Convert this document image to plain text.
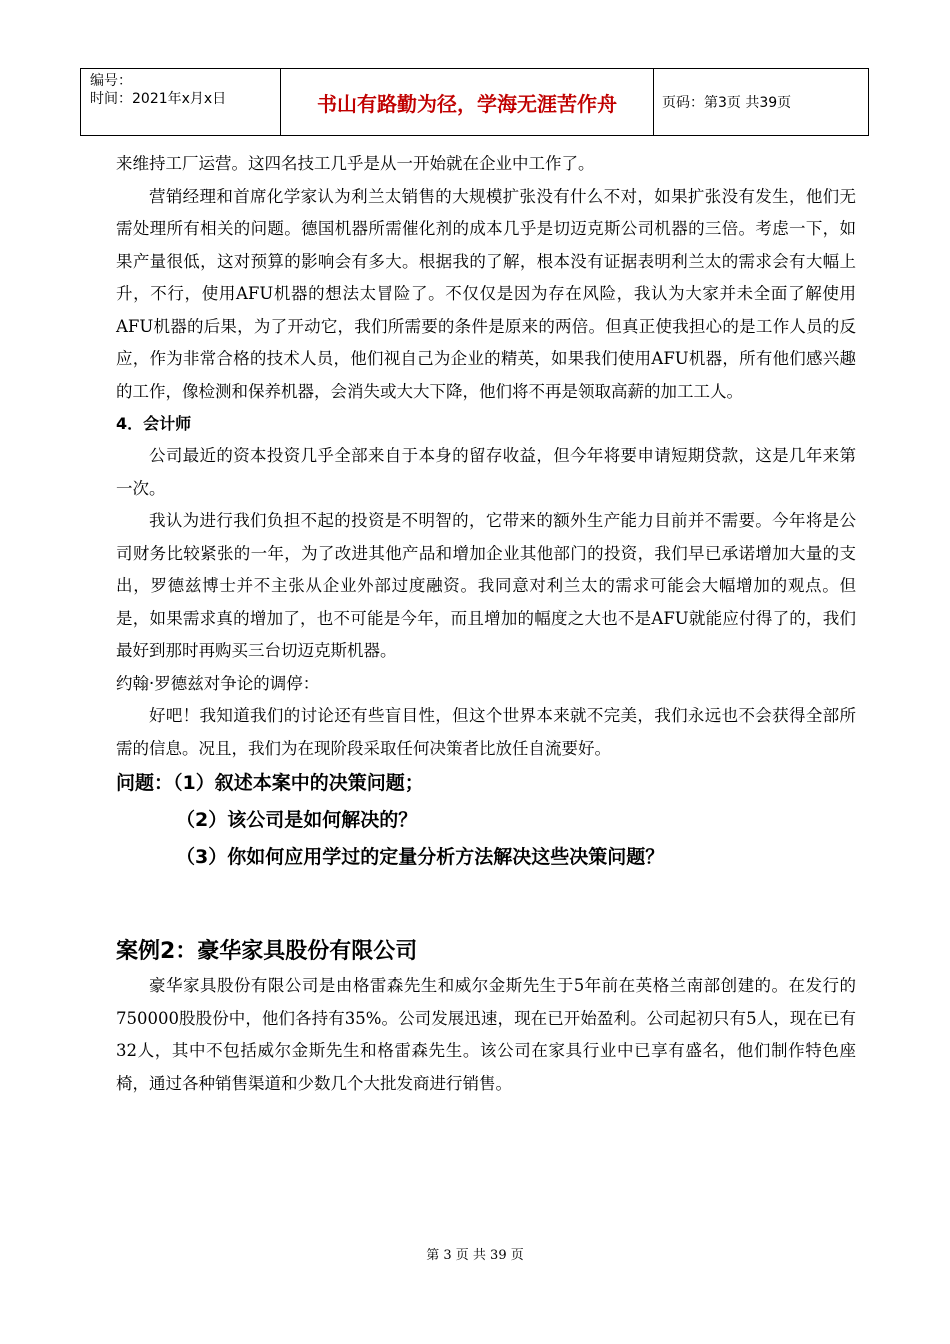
编号：
时间：2021年x月x日	书山有路勤为径，学海无涯苦作舟	页码：第3页 共39页

来维持工厂运营。这四名技工几乎是从一开始就在企业中工作了。

营销经理和首席化学家认为利兰太销售的大规模扩张没有什么不对，如果扩张没有发生，他们无需处理所有相关的问题。德国机器所需催化剂的成本几乎是切迈克斯公司机器的三倍。考虑一下，如果产量很低，这对预算的影响会有多大。根据我的了解，根本没有证据表明利兰太的需求会有大幅上升，不行，使用AFU机器的想法太冒险了。不仅仅是因为存在风险，我认为大家并未全面了解使用AFU机器的后果，为了开动它，我们所需要的条件是原来的两倍。但真正使我担心的是工作人员的反应，作为非常合格的技术人员，他们视自己为企业的精英，如果我们使用AFU机器，所有他们感兴趣的工作，像检测和保养机器，会消失或大大下降，他们将不再是领取高薪的加工工人。

4．会计师

公司最近的资本投资几乎全部来自于本身的留存收益，但今年将要申请短期贷款，这是几年来第一次。

我认为进行我们负担不起的投资是不明智的，它带来的额外生产能力目前并不需要。今年将是公司财务比较紧张的一年，为了改进其他产品和增加企业其他部门的投资，我们早已承诺增加大量的支出，罗德兹博士并不主张从企业外部过度融资。我同意对利兰太的需求可能会大幅增加的观点。但是，如果需求真的增加了，也不可能是今年，而且增加的幅度之大也不是AFU就能应付得了的，我们最好到那时再购买三台切迈克斯机器。

约翰·罗德兹对争论的调停：

好吧！我知道我们的讨论还有些盲目性，但这个世界本来就不完美，我们永远也不会获得全部所需的信息。况且，我们为在现阶段采取任何决策者比放任自流要好。

问题：（1）叙述本案中的决策问题；

（2）该公司是如何解决的？

（3）你如何应用学过的定量分析方法解决这些决策问题？

案例2：豪华家具股份有限公司

豪华家具股份有限公司是由格雷森先生和威尔金斯先生于5年前在英格兰南部创建的。在发行的750000股股份中，他们各持有35%。公司发展迅速，现在已开始盈利。公司起初只有5人，现在已有32人，其中不包括威尔金斯先生和格雷森先生。该公司在家具行业中已享有盛名，他们制作特色座椅，通过各种销售渠道和少数几个大批发商进行销售。

第 3 页 共 39 页
